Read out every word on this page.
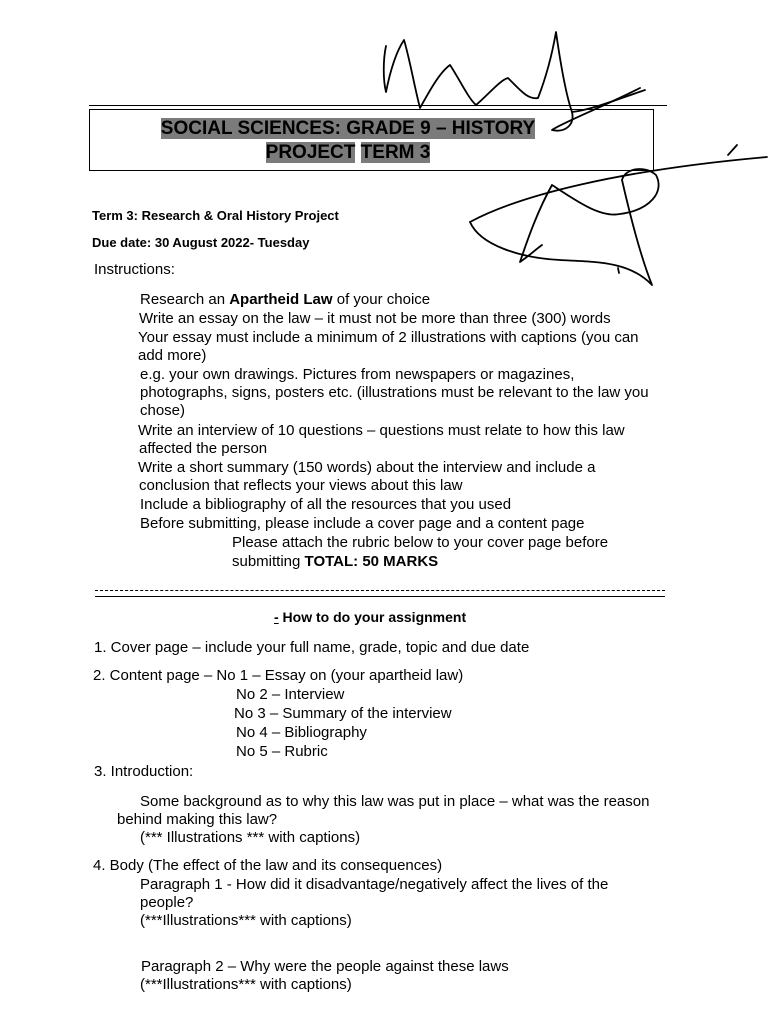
SOCIAL SCIENCES: GRADE 9 – HISTORY
PROJECT TERM 3
Term 3: Research & Oral History Project
Due date: 30 August 2022- Tuesday
Instructions:
Research an Apartheid Law of your choice
Write an essay on the law – it must not be more than three (300) words
Your essay must include a minimum of 2 illustrations with captions (you can
add more)
e.g. your own drawings. Pictures from newspapers or magazines,
photographs, signs, posters etc. (illustrations must be relevant to the law you
chose)
Write an interview of 10 questions – questions must relate to how this law
affected the person
Write a short summary (150 words) about the interview and include a
conclusion that reflects your views about this law
Include a bibliography of all the resources that you used
Before submitting, please include a cover page and a content page
Please attach the rubric below to your cover page before
submitting TOTAL: 50 MARKS
- How to do your assignment
1. Cover page – include your full name, grade, topic and due date
2. Content page – No 1 – Essay on (your apartheid law)
No 2 – Interview
No 3 – Summary of the interview
No 4 – Bibliography
No 5 – Rubric
3. Introduction:
Some background as to why this law was put in place – what was the reason
behind making this law?
(*** Illustrations *** with captions)
4. Body (The effect of the law and its consequences)
Paragraph 1 - How did it disadvantage/negatively affect the lives of the
people?
(***Illustrations*** with captions)
Paragraph 2 – Why were the people against these laws
(***Illustrations*** with captions)
